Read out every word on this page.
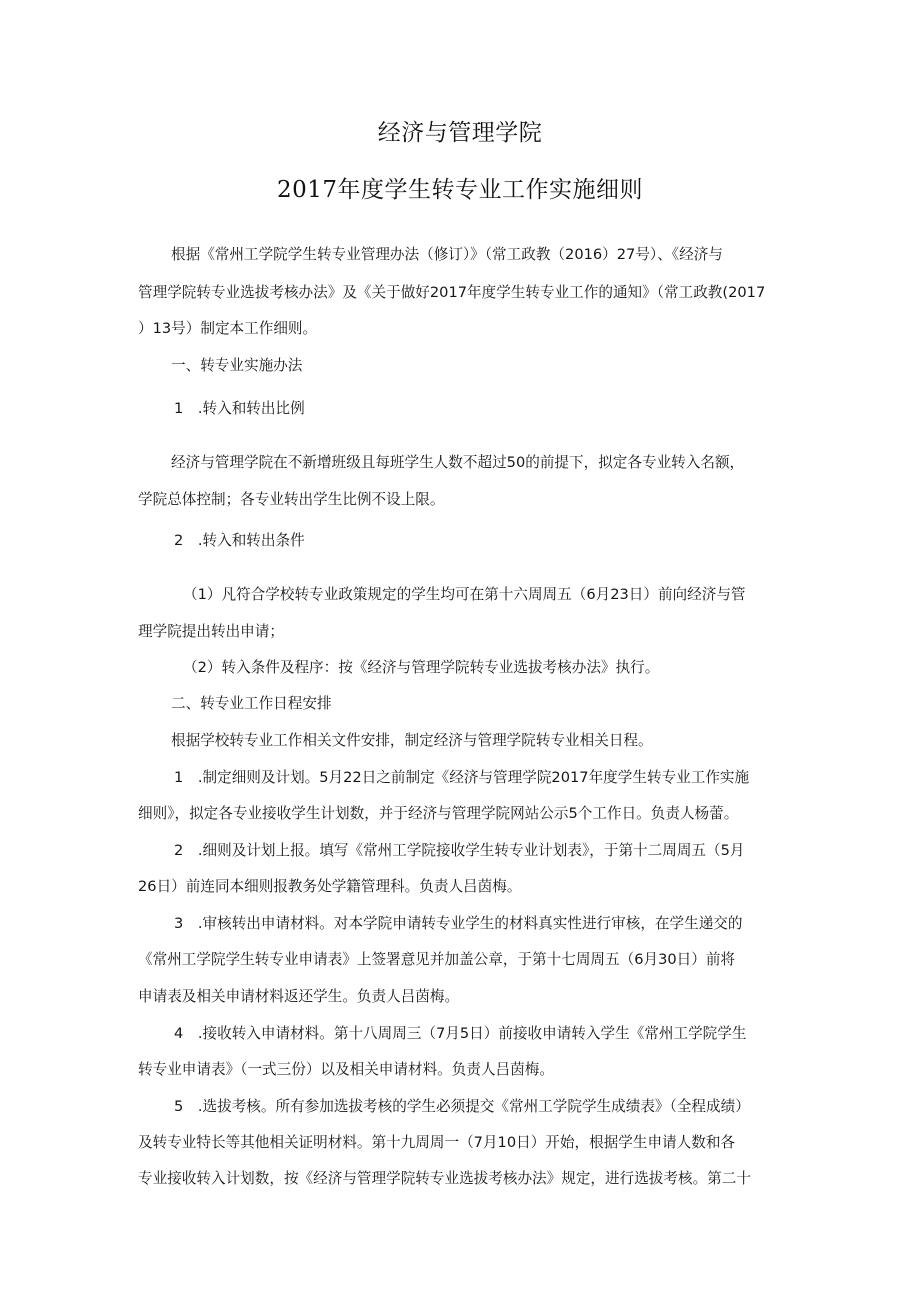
经济与管理学院
2017年度学生转专业工作实施细则
根据《常州工学院学生转专业管理办法（修订）》（常工政教（2016）27号）、《经济与
管理学院转专业选拔考核办法》及《关于做好2017年度学生转专业工作的通知》（常工政教(2017
）13号）制定本工作细则。
一、转专业实施办法
1　.转入和转出比例
经济与管理学院在不新增班级且每班学生人数不超过50的前提下，拟定各专业转入名额，
学院总体控制；各专业转出学生比例不设上限。
2　.转入和转出条件
（1）凡符合学校转专业政策规定的学生均可在第十六周周五（6月23日）前向经济与管
理学院提出转出申请；
（2）转入条件及程序：按《经济与管理学院转专业选拔考核办法》执行。
二、转专业工作日程安排
根据学校转专业工作相关文件安排，制定经济与管理学院转专业相关日程。
1　.制定细则及计划。5月22日之前制定《经济与管理学院2017年度学生转专业工作实施
细则》，拟定各专业接收学生计划数，并于经济与管理学院网站公示5个工作日。负责人杨蕾。
2　.细则及计划上报。填写《常州工学院接收学生转专业计划表》，于第十二周周五（5月
26日）前连同本细则报教务处学籍管理科。负责人吕茵梅。
3　.审核转出申请材料。对本学院申请转专业学生的材料真实性进行审核，在学生递交的
《常州工学院学生转专业申请表》上签署意见并加盖公章，于第十七周周五（6月30日）前将
申请表及相关申请材料返还学生。负责人吕茵梅。
4　.接收转入申请材料。第十八周周三（7月5日）前接收申请转入学生《常州工学院学生
转专业申请表》（一式三份）以及相关申请材料。负责人吕茵梅。
5　.选拔考核。所有参加选拔考核的学生必须提交《常州工学院学生成绩表》（全程成绩）
及转专业特长等其他相关证明材料。第十九周周一（7月10日）开始，根据学生申请人数和各
专业接收转入计划数，按《经济与管理学院转专业选拔考核办法》规定，进行选拔考核。第二十
